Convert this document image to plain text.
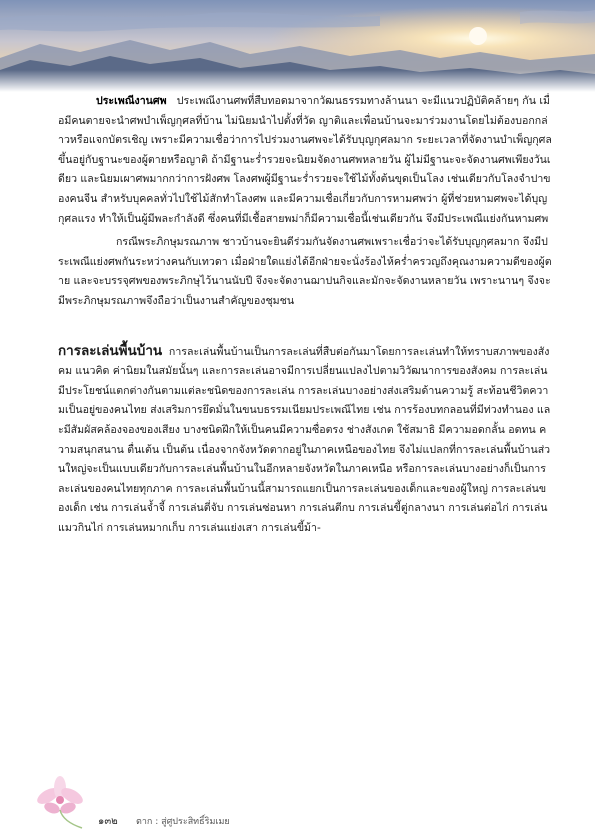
ประเพณีงานศพ ประเพณีงานศพที่สืบทอดมาจากวัฒนธรรมทางล้านนา จะมีแนวปฏิบัติคล้ายๆ กัน เมื่อมีคนตายจะนำศพบำเพ็ญกุศลที่บ้าน ไม่นิยมนำไปตั้งที่วัด ญาติและเพื่อนบ้านจะมาร่วมงานโดยไม่ต้องบอกกล่าวหรือแจกบัตรเชิญ เพราะมีความเชื่อว่าการไปร่วมงานศพจะได้รับบุญกุศลมาก ระยะเวลาที่จัดงานบำเพ็ญกุศลขึ้นอยู่กับฐานะของผู้ตายหรือญาติ ถ้ามีฐานะร่ำรวยจะนิยมจัดงานศพหลายวัน ผู้ไม่มีฐานะจะจัดงานศพเพียงวันเดียว และนิยมเผาศพมากกว่าการฝังศพ โลงศพผู้มีฐานะร่ำรวยจะใช้ไม้ทั้งต้นขุดเป็นโลง เช่นเดียวกับโลงจำปาของคนจีน สำหรับบุคคลทั่วไปใช้ไม้สักทำโลงศพ และมีความเชื่อเกี่ยวกับการหามศพว่า ผู้ที่ช่วยหามศพจะได้บุญกุศลแรง ทำให้เป็นผู้มีพละกำลังดี ซึ่งคนที่มีเชื้อสายพม่าก็มีความเชื่อนี้เช่นเดียวกัน จึงมีประเพณีแย่งกันหามศพ

กรณีพระภิกษุมรณภาพ ชาวบ้านจะยินดีร่วมกันจัดงานศพเพราะเชื่อว่าจะได้รับบุญกุศลมาก จึงมีประเพณีแย่งศพกันระหว่างคนกับเทวดา เมื่อฝ่ายใดแย่งได้อีกฝ่ายจะนั่งร้องไห้คร่ำครวญถึงคุณงามความดีของผู้ตาย และจะบรรจุศพของพระภิกษุไว้นานนับปี จึงจะจัดงานฌาปนกิจและมักจะจัดงานหลายวัน เพราะนานๆ จึงจะมีพระภิกษุมรณภาพจึงถือว่าเป็นงานสำคัญของชุมชน

การละเล่นพื้นบ้าน การละเล่นพื้นบ้านเป็นการละเล่นที่สืบต่อกันมาโดยการละเล่นทำให้ทราบสภาพของสังคม แนวคิด ค่านิยมในสมัยนั้นๆ และการละเล่นอาจมีการเปลี่ยนแปลงไปตามวิวัฒนาการของสังคม การละเล่นมีประโยชน์แตกต่างกันตามแต่ละชนิดของการละเล่น การละเล่นบางอย่างส่งเสริมด้านความรู้ สะท้อนชีวิตความเป็นอยู่ของคนไทย ส่งเสริมการยึดมั่นในขนบธรรมเนียมประเพณีไทย เช่น การร้องบทกลอนที่มีท่วงทำนอง และมีสัมผัสคล้องจองของเสียง บางชนิดฝึกให้เป็นคนมีความซื่อตรง ช่างสังเกต ใช้สมาธิ มีความอดกลั้น อดทน ความสนุกสนาน ตื่นเต้น เป็นต้น เนื่องจากจังหวัดตากอยู่ในภาคเหนือของไทย จึงไม่แปลกที่การละเล่นพื้นบ้านส่วนใหญ่จะเป็นแบบเดียวกับการละเล่นพื้นบ้านในอีกหลายจังหวัดในภาคเหนือ หรือการละเล่นบางอย่างก็เป็นการละเล่นของคนไทยทุกภาค การละเล่นพื้นบ้านนี้สามารถแยกเป็นการละเล่นของเด็กและของผู้ใหญ่ การละเล่นของเด็ก เช่น การเล่นจ้ำจี้ การเล่นตี่จับ การเล่นซ่อนหา การเล่นตีกบ การเล่นขี้ตู่กลางนา การเล่นต่อไก่ การเล่นแมวกินไก่ การเล่นหมากเก็บ การเล่นแย่งเสา การเล่นขี้ม้า-

๑๓๒ ตาก : สู่ศูประสิทธิ์ริมเมย
